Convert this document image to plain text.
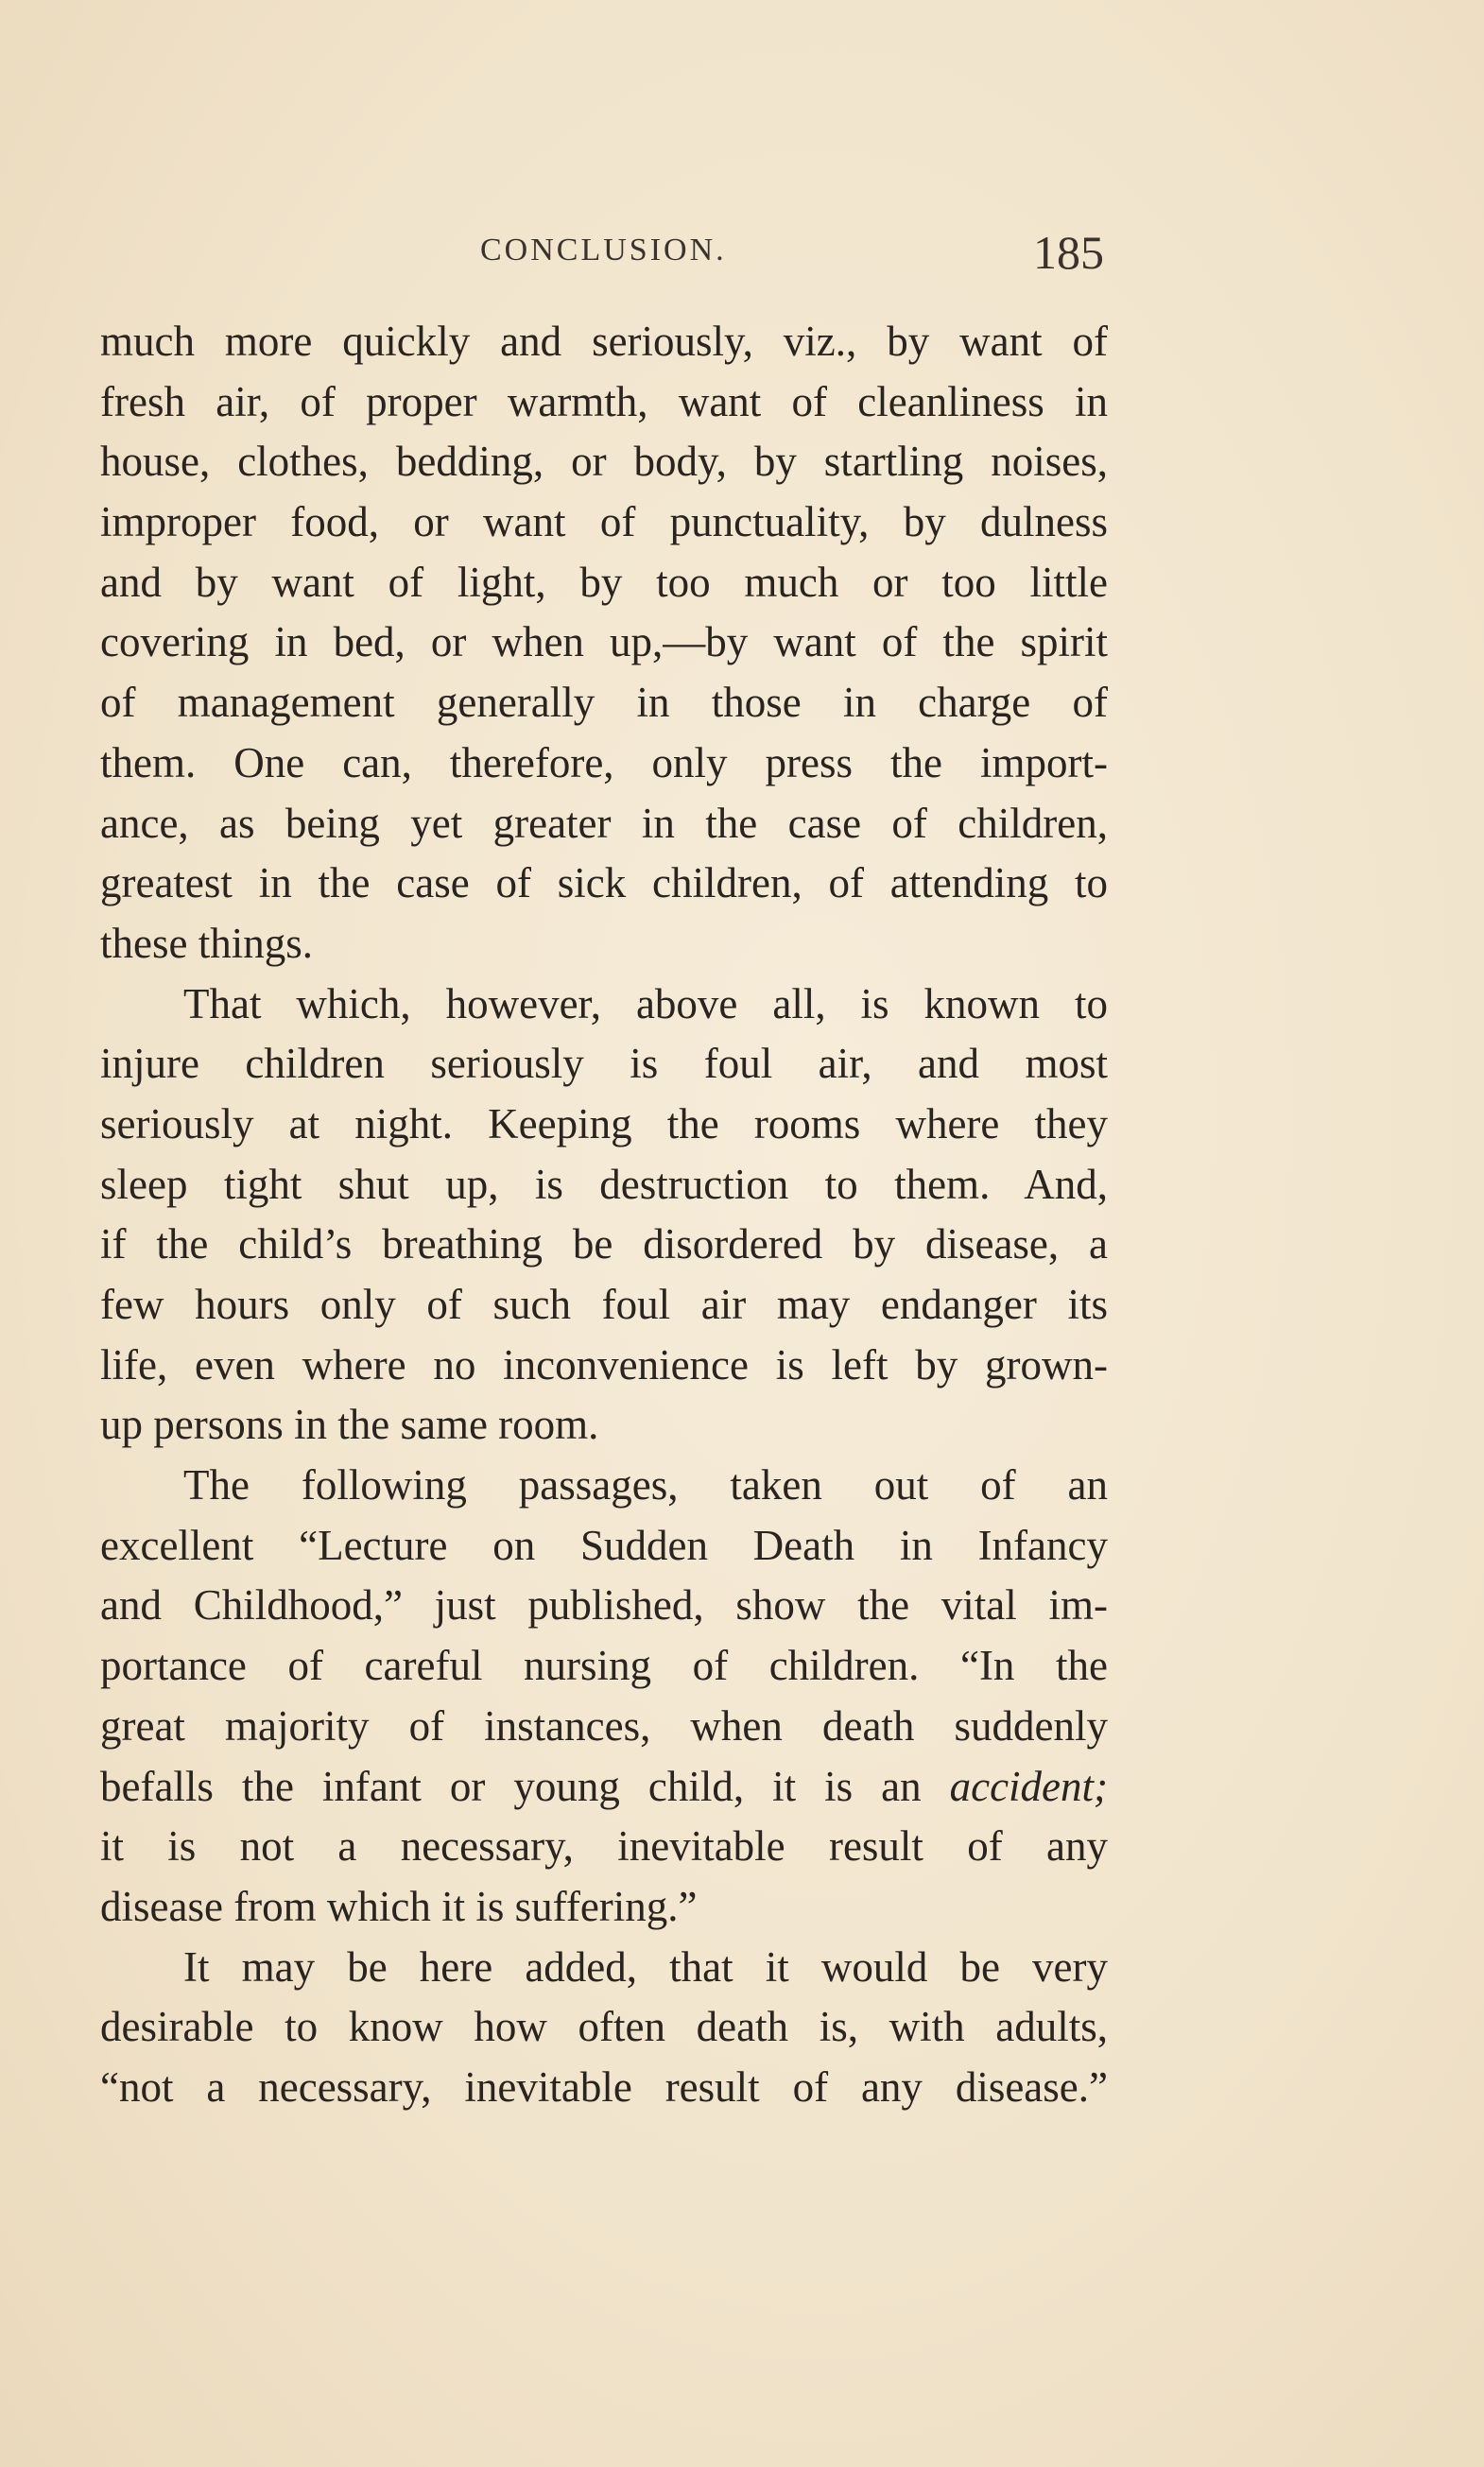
CONCLUSION.	185
much more quickly and seriously, viz., by want of
fresh air, of proper warmth, want of cleanliness in
house, clothes, bedding, or body, by startling noises,
improper food, or want of punctuality, by dulness
and by want of light, by too much or too little
covering in bed, or when up,—by want of the spirit
of management generally in those in charge of
them. One can, therefore, only press the import-
ance, as being yet greater in the case of children,
greatest in the case of sick children, of attending to
these things.
That which, however, above all, is known to
injure children seriously is foul air, and most
seriously at night. Keeping the rooms where they
sleep tight shut up, is destruction to them. And,
if the child’s breathing be disordered by disease, a
few hours only of such foul air may endanger its
life, even where no inconvenience is left by grown-
up persons in the same room.
The following passages, taken out of an
excellent “Lecture on Sudden Death in Infancy
and Childhood,” just published, show the vital im-
portance of careful nursing of children. “In the
great majority of instances, when death suddenly
befalls the infant or young child, it is an accident;
it is not a necessary, inevitable result of any
disease from which it is suffering.”
It may be here added, that it would be very
desirable to know how often death is, with adults,
“not a necessary, inevitable result of any disease.”
